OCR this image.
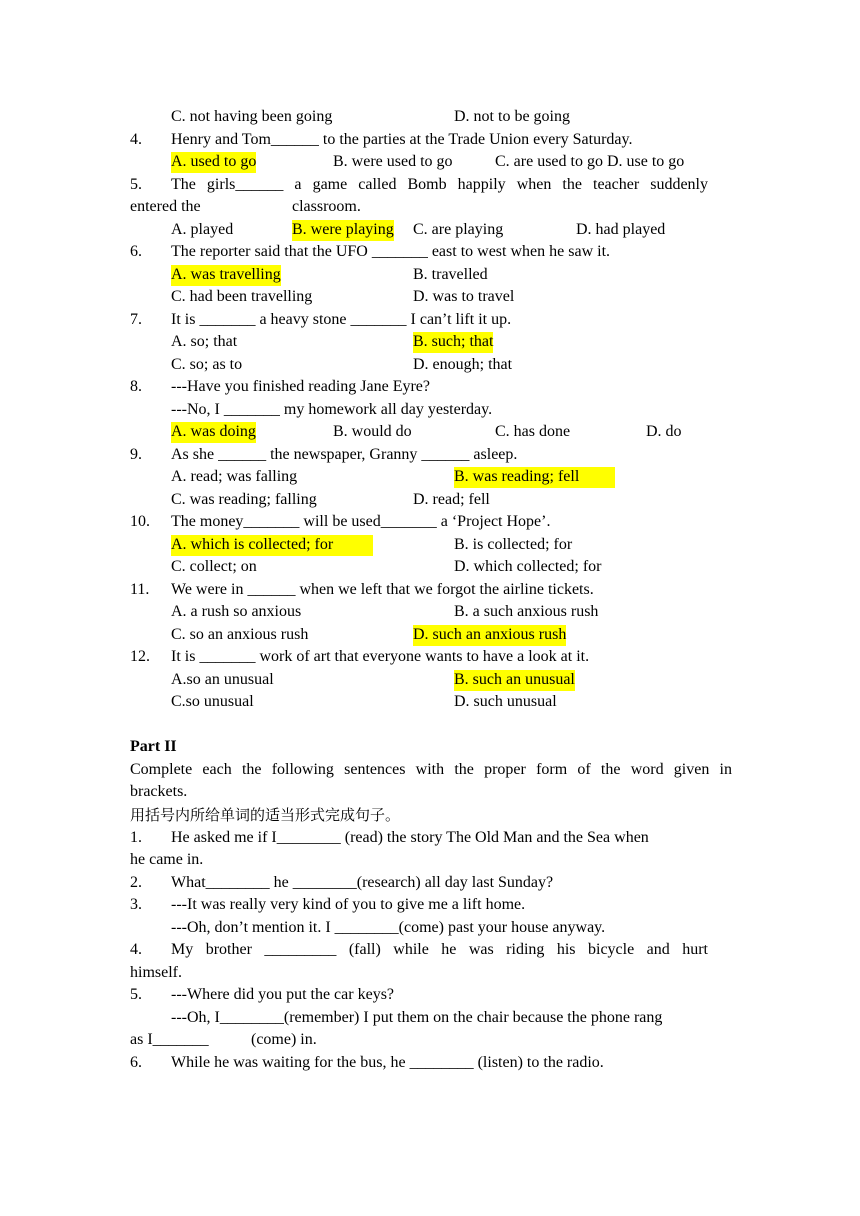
C. not having been going	D. not to be going
4. Henry and Tom______ to the parties at the Trade Union every Saturday.
A. used to go	B. were used to go	C. are used to go D. use to go
5. The girls______ a game called Bomb happily when the teacher suddenly
entered the	classroom.
A. played	B. were playing C. are playing	D. had played
6. The reporter said that the UFO _______ east to west when he saw it.
A. was travelling	B. travelled
C. had been travelling	D. was to travel
7. It is _______ a heavy stone _______ I can’t lift it up.
A. so; that	B. such; that
C. so; as to	D. enough; that
8. ---Have you finished reading Jane Eyre?
---No, I _______ my homework all day yesterday.
A. was doing	B. would do	C. has done	D. do
9. As she ______ the newspaper, Granny ______ asleep.
A. read; was falling	B. was reading; fell
C. was reading; falling	D. read; fell
10. The money_______ will be used_______ a ‘Project Hope’.
A. which is collected; for	B. is collected; for
C. collect; on	D. which collected; for
11. We were in ______ when we left that we forgot the airline tickets.
A. a rush so anxious	B. a such anxious rush
C. so an anxious rush	D. such an anxious rush
12. It is _______ work of art that everyone wants to have a look at it.
A.so an unusual	B. such an unusual
C.so unusual	D. such unusual
Part II
Complete each the following sentences with the proper form of the word given in
brackets.
用括号内所给单词的适当形式完成句子。
1. He asked me if I________ (read) the story The Old Man and the Sea when
he came in.
2. What________ he ________(research) all day last Sunday?
3. ---It was really very kind of you to give me a lift home.
---Oh, don’t mention it. I ________(come) past your house anyway.
4. My brother _________ (fall) while he was riding his bicycle and hurt
himself.
5. ---Where did you put the car keys?
---Oh, I________(remember) I put them on the chair because the phone rang
as I_______	(come) in.
6. While he was waiting for the bus, he ________ (listen) to the radio.
